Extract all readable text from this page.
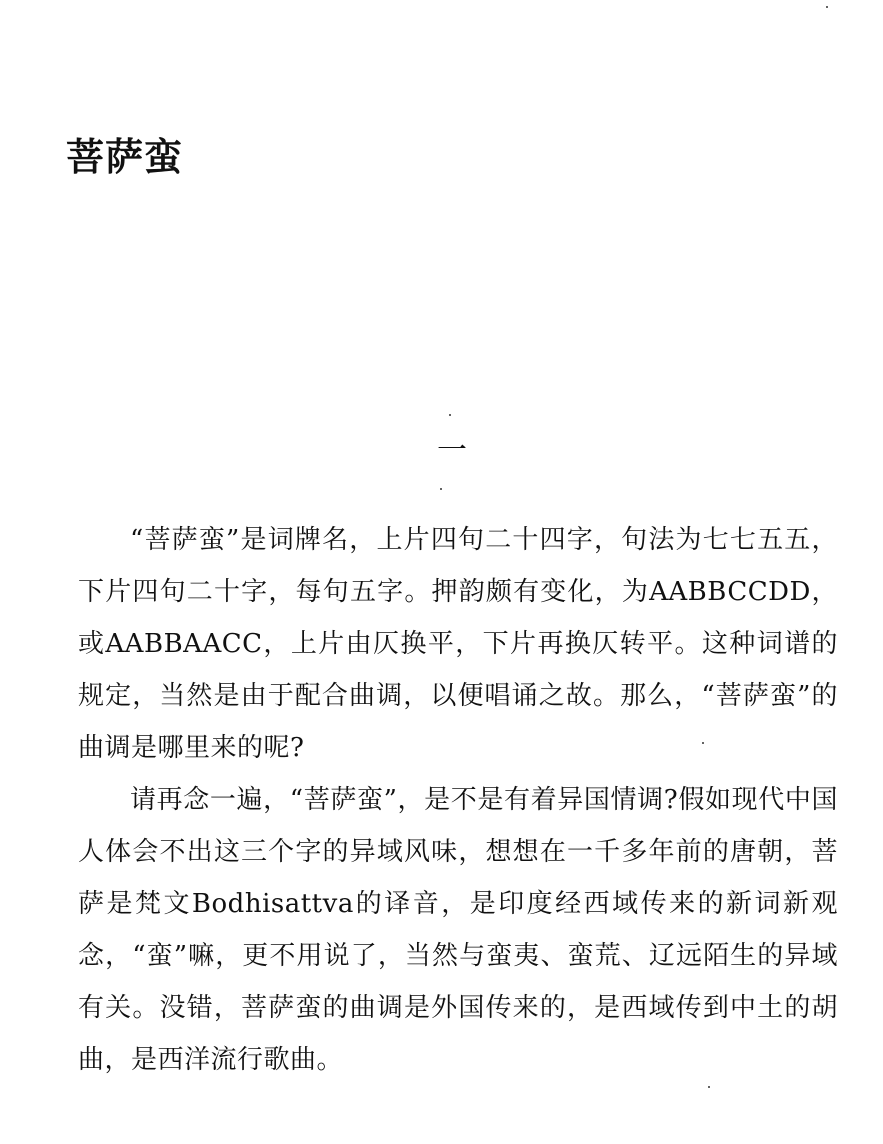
菩萨蛮
一

“菩萨蛮”是词牌名，上片四句二十四字，句法为七七五五，下片四句二十字，每句五字。押韵颇有变化，为AABBCCDD，或AABBAACC，上片由仄换平，下片再换仄转平。这种词谱的规定，当然是由于配合曲调，以便唱诵之故。那么，“菩萨蛮”的曲调是哪里来的呢?

请再念一遍，“菩萨蛮”，是不是有着异国情调?假如现代中国人体会不出这三个字的异域风味，想想在一千多年前的唐朝，菩萨是梵文Bodhisattva的译音，是印度经西域传来的新词新观念，“蛮”嘛，更不用说了，当然与蛮夷、蛮荒、辽远陌生的异域有关。没错，菩萨蛮的曲调是外国传来的，是西域传到中土的胡曲，是西洋流行歌曲。
